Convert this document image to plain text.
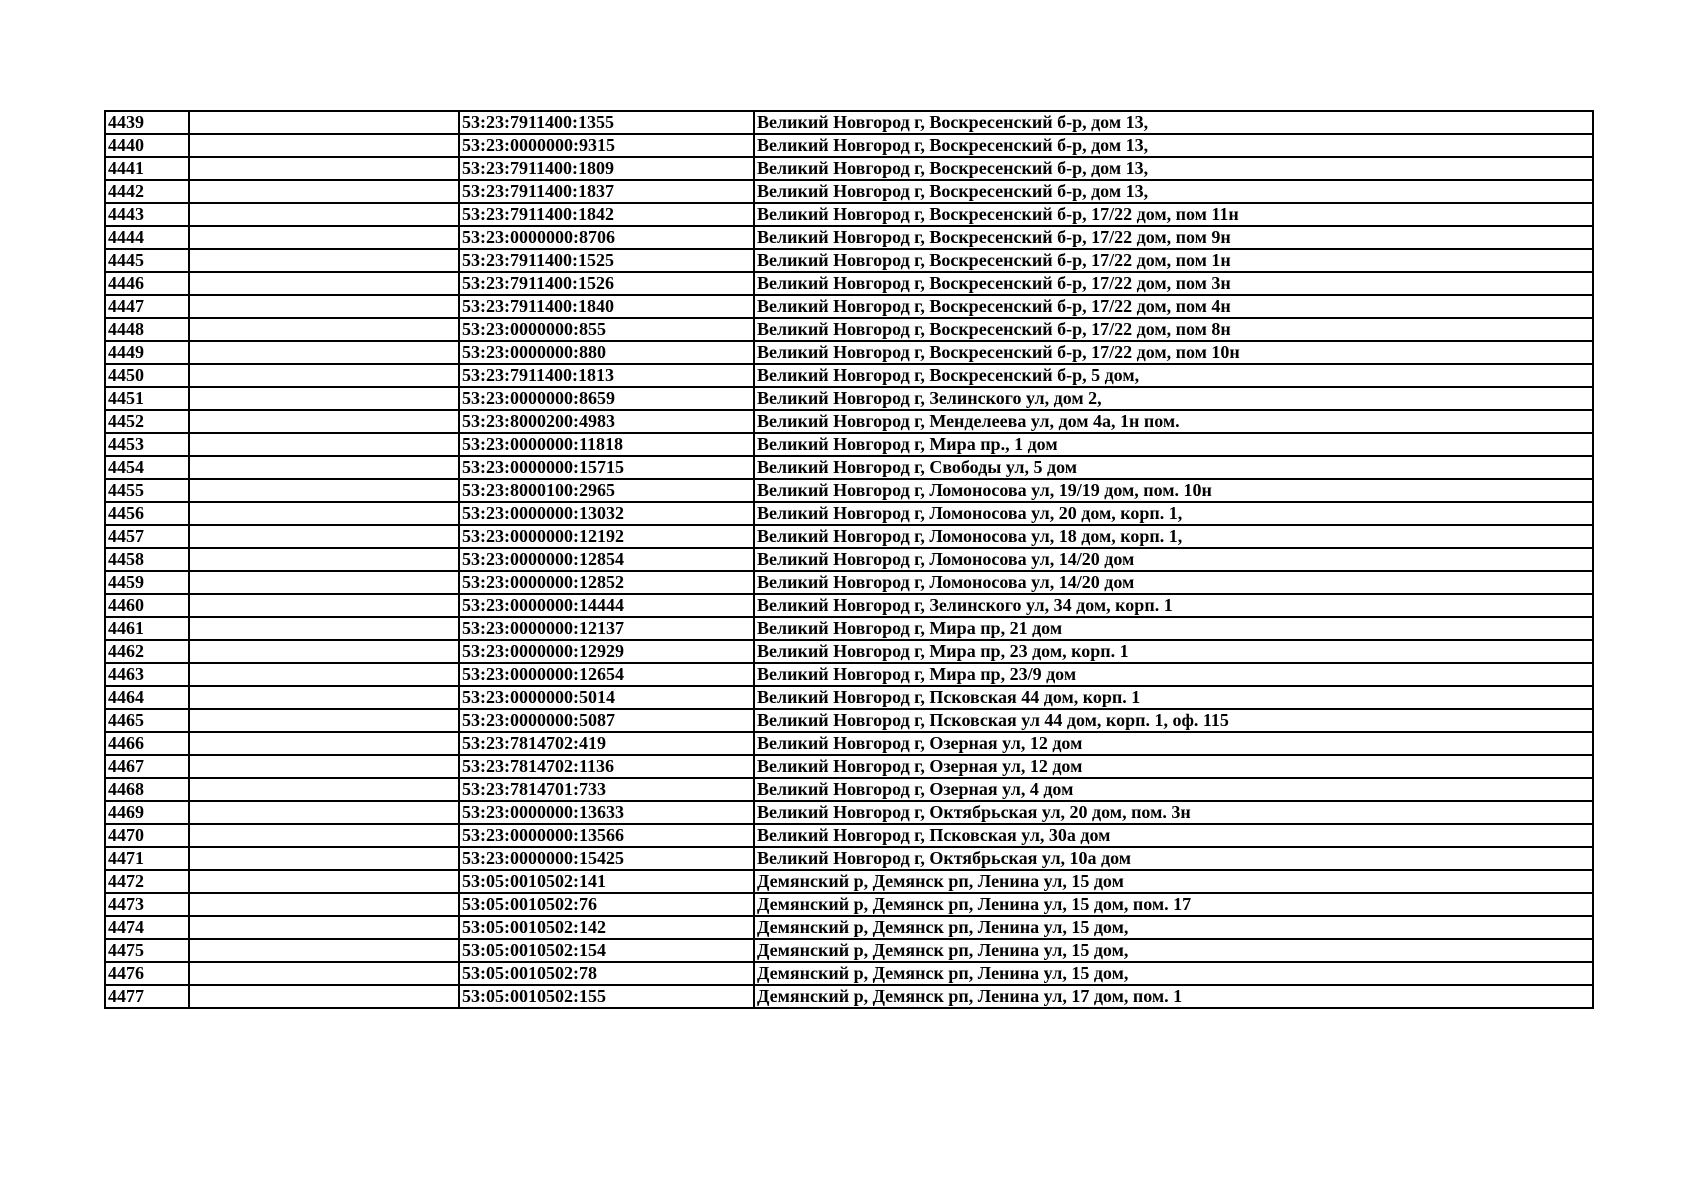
4439		53:23:7911400:1355	Великий Новгород г, Воскресенский б-р, дом 13,
4440		53:23:0000000:9315	Великий Новгород г, Воскресенский б-р, дом 13,
4441		53:23:7911400:1809	Великий Новгород г, Воскресенский б-р, дом 13,
4442		53:23:7911400:1837	Великий Новгород г, Воскресенский б-р, дом 13,
4443		53:23:7911400:1842	Великий Новгород г, Воскресенский б-р, 17/22 дом, пом 11н
4444		53:23:0000000:8706	Великий Новгород г, Воскресенский б-р, 17/22 дом, пом 9н
4445		53:23:7911400:1525	Великий Новгород г, Воскресенский б-р, 17/22 дом, пом 1н
4446		53:23:7911400:1526	Великий Новгород г, Воскресенский б-р, 17/22 дом, пом 3н
4447		53:23:7911400:1840	Великий Новгород г, Воскресенский б-р, 17/22 дом, пом 4н
4448		53:23:0000000:855	Великий Новгород г, Воскресенский б-р, 17/22 дом, пом 8н
4449		53:23:0000000:880	Великий Новгород г, Воскресенский б-р, 17/22 дом, пом 10н
4450		53:23:7911400:1813	Великий Новгород г, Воскресенский б-р, 5 дом,
4451		53:23:0000000:8659	Великий Новгород г, Зелинского ул, дом 2,
4452		53:23:8000200:4983	Великий Новгород г, Менделеева ул, дом 4а, 1н пом.
4453		53:23:0000000:11818	Великий Новгород г, Мира пр., 1 дом
4454		53:23:0000000:15715	Великий Новгород г, Свободы ул, 5 дом
4455		53:23:8000100:2965	Великий Новгород г, Ломоносова ул, 19/19 дом, пом. 10н
4456		53:23:0000000:13032	Великий Новгород г, Ломоносова ул, 20 дом, корп. 1,
4457		53:23:0000000:12192	Великий Новгород г, Ломоносова ул, 18 дом, корп. 1,
4458		53:23:0000000:12854	Великий Новгород г, Ломоносова ул, 14/20 дом
4459		53:23:0000000:12852	Великий Новгород г, Ломоносова ул, 14/20 дом
4460		53:23:0000000:14444	Великий Новгород г, Зелинского ул, 34 дом, корп. 1
4461		53:23:0000000:12137	Великий Новгород г, Мира пр, 21 дом
4462		53:23:0000000:12929	Великий Новгород г, Мира пр, 23 дом, корп. 1
4463		53:23:0000000:12654	Великий Новгород г, Мира пр, 23/9 дом
4464		53:23:0000000:5014	Великий Новгород г, Псковская 44 дом, корп. 1
4465		53:23:0000000:5087	Великий Новгород г, Псковская ул 44 дом, корп. 1, оф. 115
4466		53:23:7814702:419	Великий Новгород г, Озерная ул, 12 дом
4467		53:23:7814702:1136	Великий Новгород г, Озерная ул, 12 дом
4468		53:23:7814701:733	Великий Новгород г, Озерная ул, 4 дом
4469		53:23:0000000:13633	Великий Новгород г, Октябрьская ул, 20 дом, пом. 3н
4470		53:23:0000000:13566	Великий Новгород г, Псковская ул, 30а дом
4471		53:23:0000000:15425	Великий Новгород г, Октябрьская ул, 10а дом
4472		53:05:0010502:141	Демянский р, Демянск рп, Ленина ул, 15 дом
4473		53:05:0010502:76	Демянский р, Демянск рп, Ленина ул, 15 дом, пом. 17
4474		53:05:0010502:142	Демянский р, Демянск рп, Ленина ул, 15 дом,
4475		53:05:0010502:154	Демянский р, Демянск рп, Ленина ул, 15 дом,
4476		53:05:0010502:78	Демянский р, Демянск рп, Ленина ул, 15 дом,
4477		53:05:0010502:155	Демянский р, Демянск рп, Ленина ул, 17 дом, пом. 1
